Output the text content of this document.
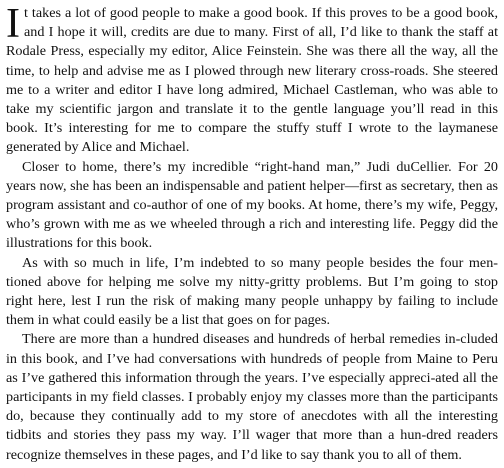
It takes a lot of good people to make a good book. If this proves to be a good book, and I hope it will, credits are due to many. First of all, I’d like to thank the staff at Rodale Press, especially my editor, Alice Feinstein. She was there all the way, all the time, to help and advise me as I plowed through new literary cross-roads. She steered me to a writer and editor I have long admired, Michael Castleman, who was able to take my scientific jargon and translate it to the gentle language you’ll read in this book. It’s interesting for me to compare the stuffy stuff I wrote to the laymanese generated by Alice and Michael.

Closer to home, there’s my incredible “right-hand man,” Judi duCellier. For 20 years now, she has been an indispensable and patient helper—first as secretary, then as program assistant and co-author of one of my books. At home, there’s my wife, Peggy, who’s grown with me as we wheeled through a rich and interesting life. Peggy did the illustrations for this book.

As with so much in life, I’m indebted to so many people besides the four men-tioned above for helping me solve my nitty-gritty problems. But I’m going to stop right here, lest I run the risk of making many people unhappy by failing to include them in what could easily be a list that goes on for pages.

There are more than a hundred diseases and hundreds of herbal remedies in-cluded in this book, and I’ve had conversations with hundreds of people from Maine to Peru as I’ve gathered this information through the years. I’ve especially appreci-ated all the participants in my field classes. I probably enjoy my classes more than the participants do, because they continually add to my store of anecdotes with all the interesting tidbits and stories they pass my way. I’ll wager that more than a hun-dred readers recognize themselves in these pages, and I’d like to say thank you to all of them.
